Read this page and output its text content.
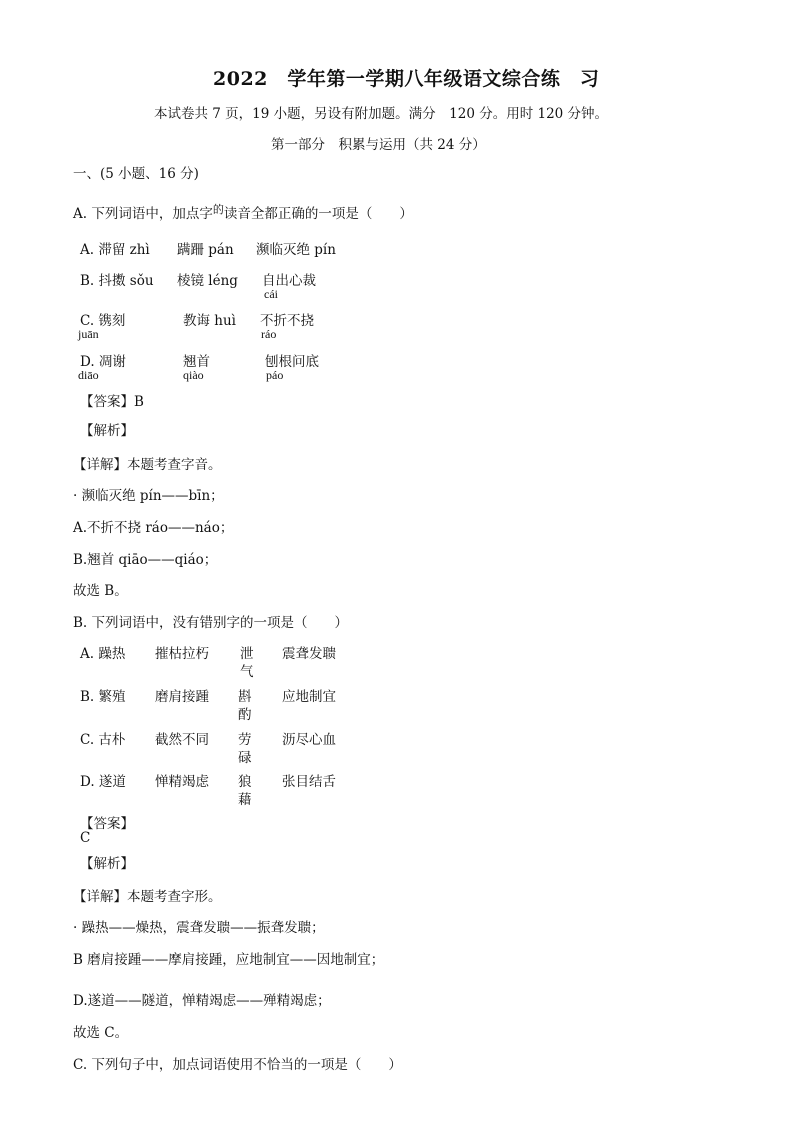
2022　学年第一学期八年级语文综合练　习
本试卷共 7 页，19 小题，另设有附加题。满分　120 分。用时 120 分钟。
第一部分　积累与运用（共 24 分）
一、(5 小题、16 分)
A. 下列词语中，加点字$^的$读音全都正确的一项是（　　）
A. 滞留 zhì 蹒跚 pán 濒临灭绝 pín
B. 抖擞 sǒu 棱镜 léng 自出心裁
cái
C. 镌刻
juān
教诲 huì 不折不挠
ráo
D. 凋谢
diāo
翘首
qiào
刨根问底
páo
【答案】B
【解析】
【详解】本题考查字音。
· 濒临灭绝 pín——bīn；
A.不折不挠 ráo——náo；
B.翘首 qiāo——qiáo；
故选 B。
B. 下列词语中，没有错别字的一项是（　　）
A. 躁热 摧枯拉朽 泄
气
震聋发聩
B. 繁殖 磨肩接踵 斟
酌
应地制宜
C. 古朴 截然不同 劳
碌
沥尽心血
D. 遂道 惮精竭虑 狼
藉
张目结舌
【答案】
C
【解析】
【详解】本题考查字形。
· 躁热——燥热，震聋发聩——振聋发聩；
B 磨肩接踵——摩肩接踵，应地制宜——因地制宜；
D.遂道——隧道，惮精竭虑——殚精竭虑；
故选 C。
C. 下列句子中，加点词语使用不恰当的一项是（　　）
